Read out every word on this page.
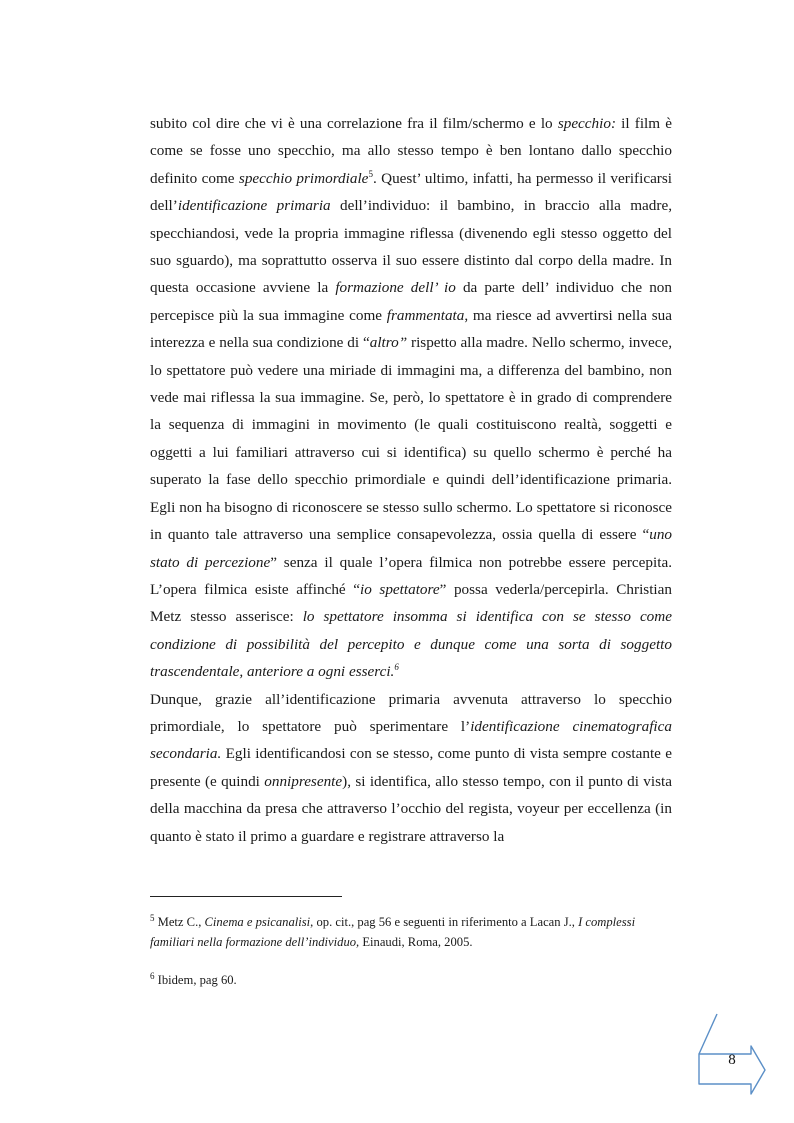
subito col dire che vi è una correlazione fra il film/schermo e lo specchio: il film è come se fosse uno specchio, ma allo stesso tempo è ben lontano dallo specchio definito come specchio primordiale$^5$. Quest’ ultimo, infatti, ha permesso il verificarsi dell’identificazione primaria dell’individuo: il bambino, in braccio alla madre, specchiandosi, vede la propria immagine riflessa (divenendo egli stesso oggetto del suo sguardo), ma soprattutto osserva il suo essere distinto dal corpo della madre. In questa occasione avviene la formazione dell’ io da parte dell’ individuo che non percepisce più la sua immagine come frammentata, ma riesce ad avvertirsi nella sua interezza e nella sua condizione di “altro” rispetto alla madre. Nello schermo, invece, lo spettatore può vedere una miriade di immagini ma, a differenza del bambino, non vede mai riflessa la sua immagine. Se, però, lo spettatore è in grado di comprendere la sequenza di immagini in movimento (le quali costituiscono realtà, soggetti e oggetti a lui familiari attraverso cui si identifica) su quello schermo è perché ha superato la fase dello specchio primordiale e quindi dell’identificazione primaria. Egli non ha bisogno di riconoscere se stesso sullo schermo. Lo spettatore si riconosce in quanto tale attraverso una semplice consapevolezza, ossia quella di essere “uno stato di percezione” senza il quale l’opera filmica non potrebbe essere percepita. L’opera filmica esiste affinché “io spettatore” possa vederla/percepirla. Christian Metz stesso asserisce: lo spettatore insomma si identifica con se stesso come condizione di possibilità del percepito e dunque come una sorta di soggetto trascendentale, anteriore a ogni esserci.$^6$

Dunque, grazie all’identificazione primaria avvenuta attraverso lo specchio primordiale, lo spettatore può sperimentare l’identificazione cinematografica secondaria. Egli identificandosi con se stesso, come punto di vista sempre costante e presente (e quindi onnipresente), si identifica, allo stesso tempo, con il punto di vista della macchina da presa che attraverso l’occhio del regista, voyeur per eccellenza (in quanto è stato il primo a guardare e registrare attraverso la

$^5$ Metz C., Cinema e psicanalisi, op. cit., pag 56 e seguenti in riferimento a Lacan J., I complessi familiari nella formazione dell’individuo, Einaudi, Roma, 2005.

$^6$ Ibidem, pag 60.

8
